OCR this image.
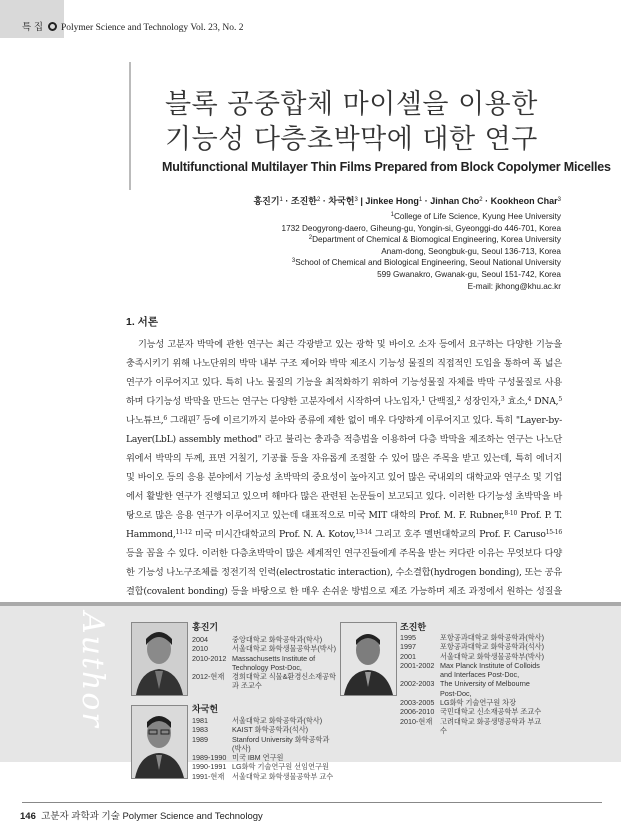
특 집 Polymer Science and Technology Vol. 23, No. 2
블록 공중합체 마이셀을 이용한
기능성 다층초박막에 대한 연구
Multifunctional Multilayer Thin Films Prepared from Block Copolymer Micelles
홍진기$^1$ · 조진한$^2$ · 차국헌$^3$ | Jinkee Hong$^1$ · Jinhan Cho$^2$ · Kookheon Char$^3$
$^1$College of Life Science, Kyung Hee University
1732 Deogyrong-daero, Giheung-gu, Yongin-si, Gyeonggi-do 446-701, Korea
$^2$Department of Chemical & Biomogical Engineering, Korea University
Anam-dong, Seongbuk-gu, Seoul 136-713, Korea
$^3$School of Chemical and Biological Engineering, Seoul National University
599 Gwanakro, Gwanak-gu, Seoul 151-742, Korea
E-mail: jkhong@khu.ac.kr
1. 서론
기능성 고분자 박막에 관한 연구는 최근 각광받고 있는 광학 및 바이오 소자 등에서 요구하는 다양한 기능을 충족시키기 위해 나노단위의 박막 내부 구조 제어와 박막 제조시 기능성 물질의 직접적인 도입을 통하여 폭 넓은 연구가 이루어지고 있다. 특히 나노 물질의 기능을 최적화하기 위하여 기능성물질 자체를 박막 구성물질로 사용하며 다기능성 박막을 만드는 연구는 다양한 고분자에서 시작하여 나노입자,$^1$ 단백질,$^2$ 성장인자,$^3$ 효소,$^4$ DNA,$^5$ 나노튜브,$^6$ 그래핀$^7$ 등에 이르기까지 분야와 종류에 제한 없이 매우 다양하게 이루어지고 있다. 특히 "Layer-by-Layer(LbL) assembly method" 라고 불리는 충과층 적층법을 이용하여 다층 박막을 제조하는 연구는 나노단위에서 박막의 두께, 표면 거칠기, 기공률 등을 자유롭게 조절할 수 있어 많은 주목을 받고 있는데, 특히 에너지 및 바이오 등의 응용 분야에서 기능성 초박막의 중요성이 높아지고 있어 많은 국내외의 대학교와 연구소 및 기업에서 활발한 연구가 진행되고 있으며 해마다 많은 관련된 논문들이 보고되고 있다. 이러한 다기능성 초박막을 바탕으로 많은 응용 연구가 이루어지고 있는데 대표적으로 미국 MIT 대학의 Prof. M. F. Rubner,$^{8-10}$ Prof. P. T. Hammond,$^{11-12}$ 미국 미시간대학교의 Prof. N. A. Kotov,$^{13-14}$ 그리고 호주 멜번대학교의 Prof. F. Caruso$^{15-16}$ 등을 꼽을 수 있다. 이러한 다층초박막이 많은 세계적인 연구진들에게 주목을 받는 커다란 이유는 무엇보다 다양한 기능성 나노구조체를 정전기적 인력(electrostatic interaction), 수소결합(hydrogen bonding), 또는 공유결합(covalent bonding) 등을 바탕으로 한 매우 손쉬운 방법으로 제조 가능하며 제조 과정에서 원하는 성질을
Author	홍진기
2004	중앙대학교 화학공학과(학사)
2010	서울대학교 화학생물공학부(박사)
2010-2012 Massachusetts Institute of Technology Post-Doc,
2012-현재 경희대학교 식물&환경신소재공학과 조교수
조진한
1995	포항공과대학교 화학공학과(학사)
1997	포항공과대학교 화학공학과(석사)
2001	서울대학교 화학생물공학부(박사)
2001-2002 Max Planck Institute of Colloids and Interfaces Post-Doc,
2002-2003 The University of Melbourne Post-Doc,
2003-2005 LG화학 기술연구원 차장
2006-2010 국민대학교 신소재공학부 조교수
2010-현재 고려대학교 화공생명공학과 부교수
차국헌
1981	서울대학교 화학공학과(학사)
1983	KAIST 화학공학과(석사)
1989	Stanford University 화학공학과(박사)
1989-1990 미국 IBM 연구원
1990-1991 LG화학 기술연구원 선임연구원
1991-현재 서울대학교 화학생물공학부 교수
146 고분자 과학과 기술 Polymer Science and Technology
